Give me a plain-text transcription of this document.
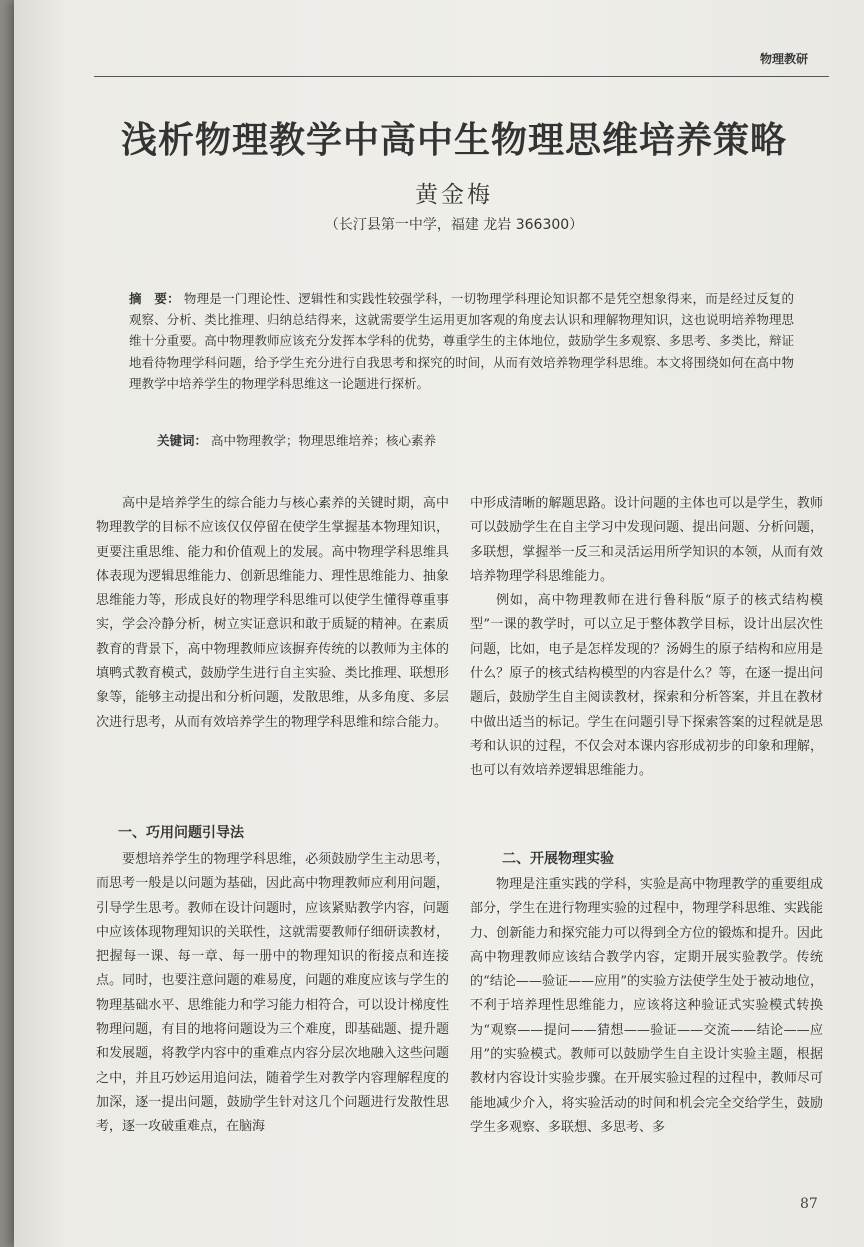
物理教研
浅析物理教学中高中生物理思维培养策略
黄金梅
（长汀县第一中学，福建 龙岩 366300）
摘　要： 物理是一门理论性、逻辑性和实践性较强学科，一切物理学科理论知识都不是凭空想象得来，而是经过反复的观察、分析、类比推理、归纳总结得来，这就需要学生运用更加客观的角度去认识和理解物理知识，这也说明培养物理思维十分重要。高中物理教师应该充分发挥本学科的优势，尊重学生的主体地位，鼓励学生多观察、多思考、多类比，辩证地看待物理学科问题，给予学生充分进行自我思考和探究的时间，从而有效培养物理学科思维。本文将围绕如何在高中物理教学中培养学生的物理学科思维这一论题进行探析。
关键词： 高中物理教学；物理思维培养；核心素养

高中是培养学生的综合能力与核心素养的关键时期，高中物理教学的目标不应该仅仅停留在使学生掌握基本物理知识，更要注重思维、能力和价值观上的发展。高中物理学科思维具体表现为逻辑思维能力、创新思维能力、理性思维能力、抽象思维能力等，形成良好的物理学科思维可以使学生懂得尊重事实，学会冷静分析，树立实证意识和敢于质疑的精神。在素质教育的背景下，高中物理教师应该摒弃传统的以教师为主体的填鸭式教育模式，鼓励学生进行自主实验、类比推理、联想形象等，能够主动提出和分析问题，发散思维，从多角度、多层次进行思考，从而有效培养学生的物理学科思维和综合能力。

一、巧用问题引导法

要想培养学生的物理学科思维，必须鼓励学生主动思考，而思考一般是以问题为基础，因此高中物理教师应利用问题，引导学生思考。教师在设计问题时，应该紧贴教学内容，问题中应该体现物理知识的关联性，这就需要教师仔细研读教材，把握每一课、每一章、每一册中的物理知识的衔接点和连接点。同时，也要注意问题的难易度，问题的难度应该与学生的物理基础水平、思维能力和学习能力相符合，可以设计梯度性物理问题，有目的地将问题设为三个难度，即基础题、提升题和发展题，将教学内容中的重难点内容分层次地融入这些问题之中，并且巧妙运用追问法，随着学生对教学内容理解程度的加深，逐一提出问题，鼓励学生针对这几个问题进行发散性思考，逐一攻破重难点，在脑海

中形成清晰的解题思路。设计问题的主体也可以是学生，教师可以鼓励学生在自主学习中发现问题、提出问题、分析问题，多联想，掌握举一反三和灵活运用所学知识的本领，从而有效培养物理学科思维能力。

例如，高中物理教师在进行鲁科版“原子的核式结构模型”一课的教学时，可以立足于整体教学目标，设计出层次性问题，比如，电子是怎样发现的？汤姆生的原子结构和应用是什么？原子的核式结构模型的内容是什么？等，在逐一提出问题后，鼓励学生自主阅读教材，探索和分析答案，并且在教材中做出适当的标记。学生在问题引导下探索答案的过程就是思考和认识的过程，不仅会对本课内容形成初步的印象和理解，也可以有效培养逻辑思维能力。

二、开展物理实验

物理是注重实践的学科，实验是高中物理教学的重要组成部分，学生在进行物理实验的过程中，物理学科思维、实践能力、创新能力和探究能力可以得到全方位的锻炼和提升。因此高中物理教师应该结合教学内容，定期开展实验教学。传统的“结论——验证——应用”的实验方法使学生处于被动地位，不利于培养理性思维能力，应该将这种验证式实验模式转换为“观察——提问——猜想——验证——交流——结论——应用”的实验模式。教师可以鼓励学生自主设计实验主题，根据教材内容设计实验步骤。在开展实验过程的过程中，教师尽可能地减少介入，将实验活动的时间和机会完全交给学生，鼓励学生多观察、多联想、多思考、多

87
